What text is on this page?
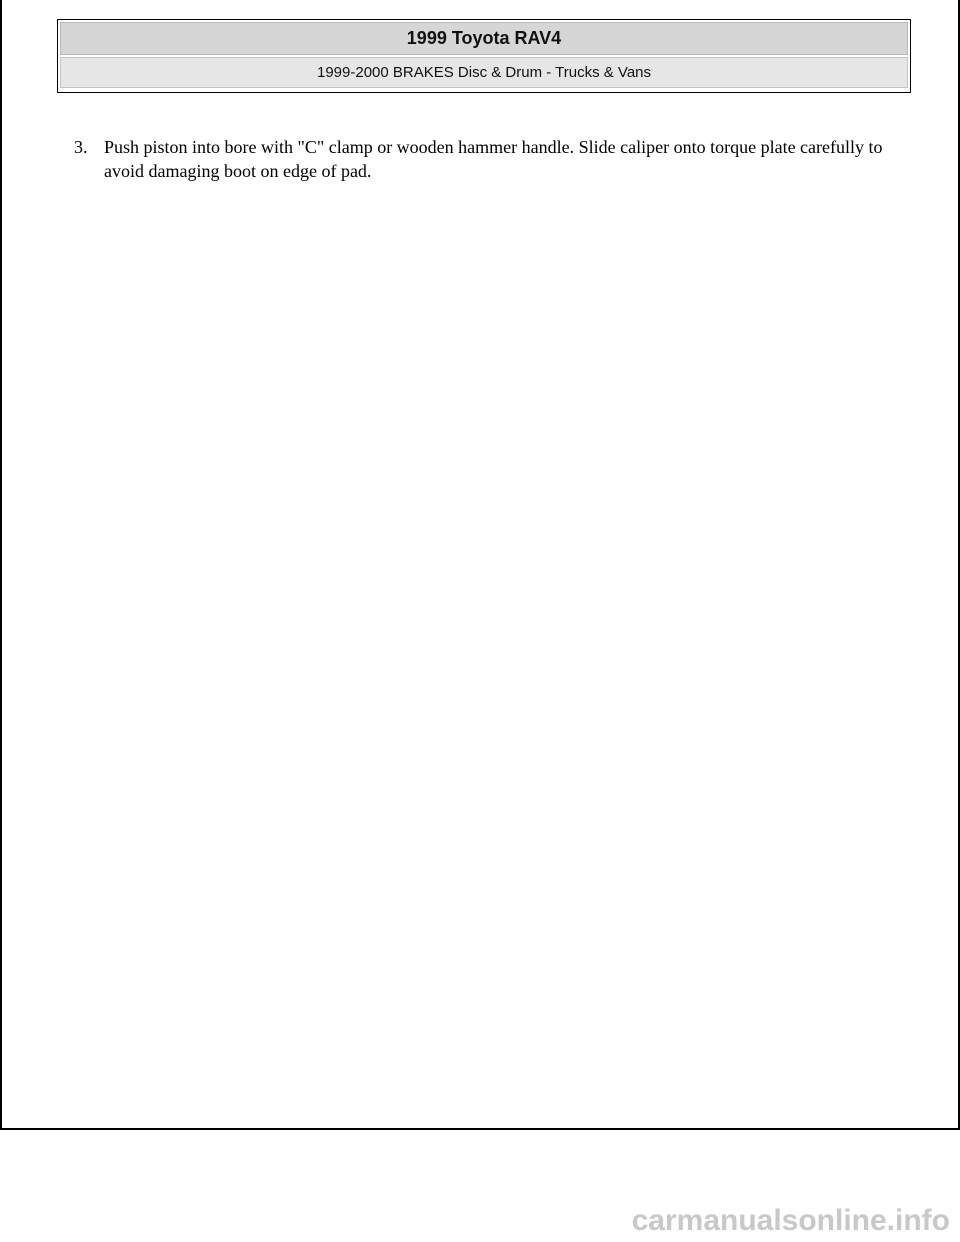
1999 Toyota RAV4
1999-2000 BRAKES Disc & Drum - Trucks & Vans
3. Push piston into bore with "C" clamp or wooden hammer handle. Slide caliper onto torque plate carefully to avoid damaging boot on edge of pad.
carmanualsonline.info
